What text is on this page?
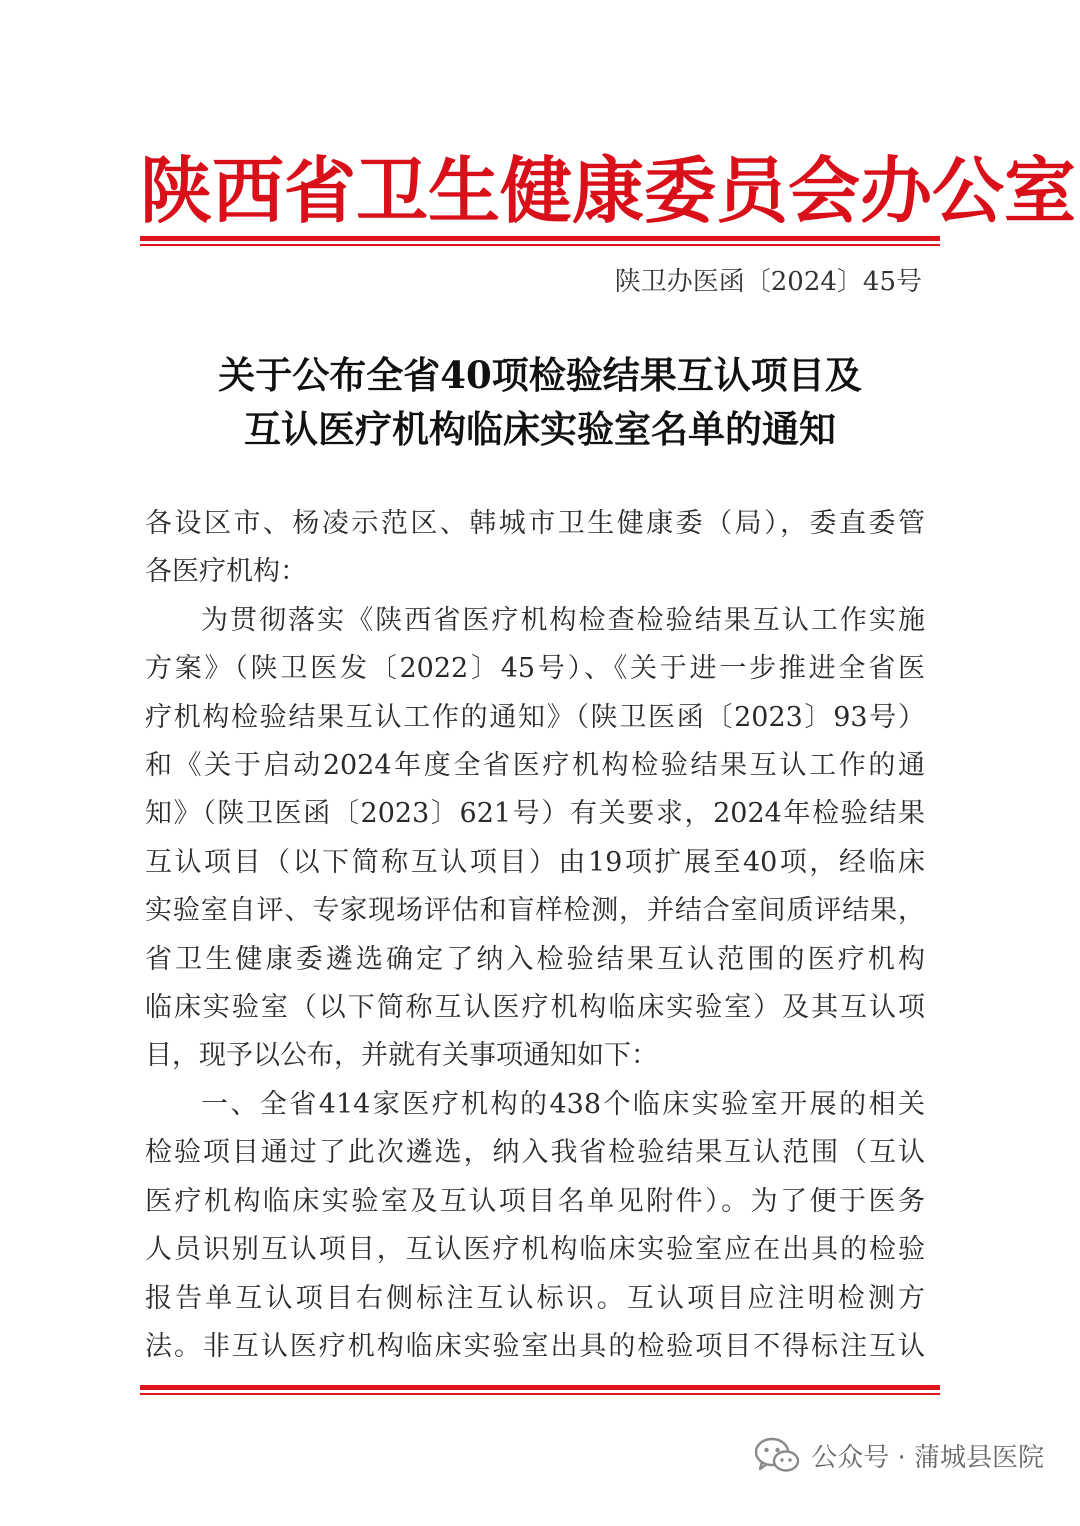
陕西省卫生健康委员会办公室
陕卫办医函〔2024〕45号
关于公布全省40项检验结果互认项目及
互认医疗机构临床实验室名单的通知
各设区市、杨凌示范区、韩城市卫生健康委（局），委直委管
各医疗机构：
为贯彻落实《陕西省医疗机构检查检验结果互认工作实施
方案》（陕卫医发〔2022〕45号）、《关于进一步推进全省医
疗机构检验结果互认工作的通知》（陕卫医函〔2023〕93号）
和《关于启动2024年度全省医疗机构检验结果互认工作的通
知》（陕卫医函〔2023〕621号）有关要求，2024年检验结果
互认项目（以下简称互认项目）由19项扩展至40项，经临床
实验室自评、专家现场评估和盲样检测，并结合室间质评结果，
省卫生健康委遴选确定了纳入检验结果互认范围的医疗机构
临床实验室（以下简称互认医疗机构临床实验室）及其互认项
目，现予以公布，并就有关事项通知如下：
一、全省414家医疗机构的438个临床实验室开展的相关
检验项目通过了此次遴选，纳入我省检验结果互认范围（互认
医疗机构临床实验室及互认项目名单见附件）。为了便于医务
人员识别互认项目，互认医疗机构临床实验室应在出具的检验
报告单互认项目右侧标注互认标识。互认项目应注明检测方
法。非互认医疗机构临床实验室出具的检验项目不得标注互认
公众号 · 蒲城县医院
